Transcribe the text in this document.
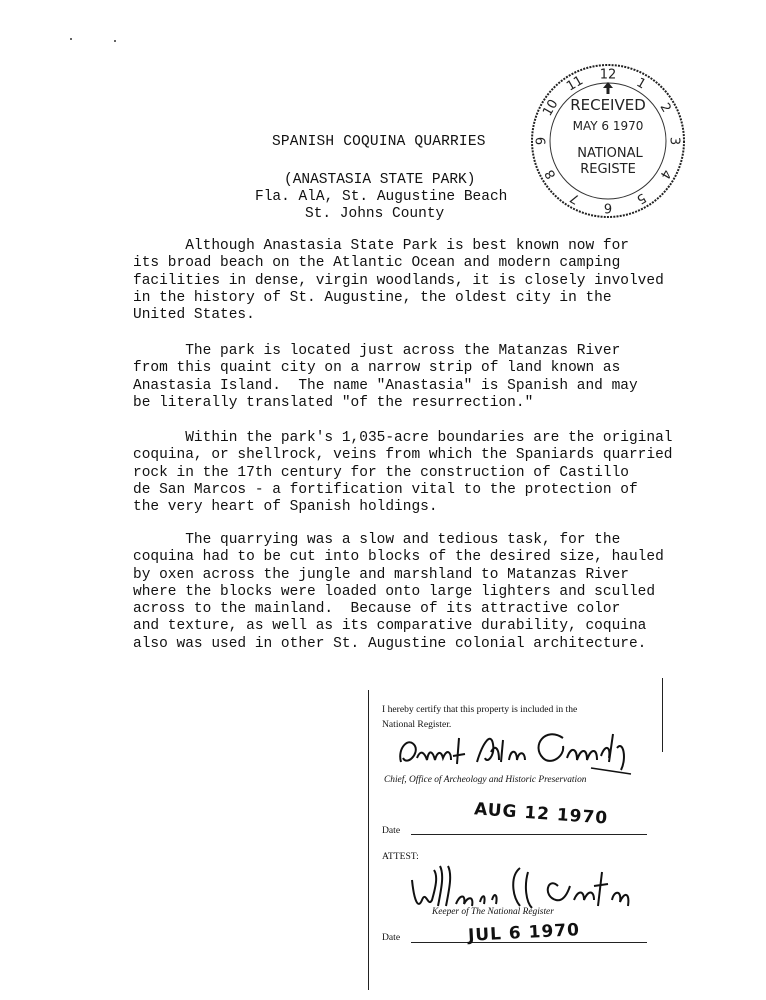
SPANISH COQUINA QUARRIES
(ANASTASIA STATE PARK)
Fla. AlA, St. Augustine Beach
St. Johns County
Although Anastasia State Park is best known now for
its broad beach on the Atlantic Ocean and modern camping
facilities in dense, virgin woodlands, it is closely involved
in the history of St. Augustine, the oldest city in the
United States.
The park is located just across the Matanzas River
from this quaint city on a narrow strip of land known as
Anastasia Island.  The name "Anastasia" is Spanish and may
be literally translated "of the resurrection."
Within the park's 1,035-acre boundaries are the original
coquina, or shellrock, veins from which the Spaniards quarried
rock in the 17th century for the construction of Castillo
de San Marcos - a fortification vital to the protection of
the very heart of Spanish holdings.
The quarrying was a slow and tedious task, for the
coquina had to be cut into blocks of the desired size, hauled
by oxen across the jungle and marshland to Matanzas River
where the blocks were loaded onto large lighters and sculled
across to the mainland.  Because of its attractive color
and texture, as well as its comparative durability, coquina
also was used in other St. Augustine colonial architecture.
12
1
2
3
4
5
6
7
8
9
10
11
RECEIVED
MAY 6 1970
NATIONAL
REGISTE
I hereby certify that this property is included in the
National Register.
Chief, Office of Archeology and Historic Preservation
Date
ATTEST:
Keeper of The National Register
Date
AUG 12 1970
JUL 6 1970
